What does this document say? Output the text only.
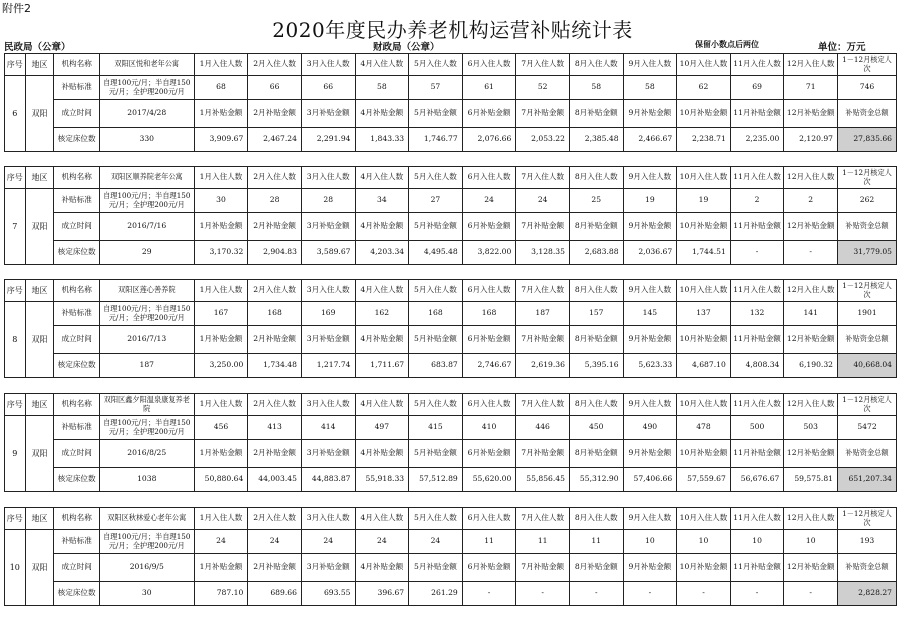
附件2
2020年度民办养老机构运营补贴统计表
民政局（公章）	财政局（公章）	保留小数点后两位	单位：万元
序号	地区	机构名称	双阳区悦和老年公寓	1月入住人数	2月入住人数	3月入住人数	4月入住人数	5月入住人数	6月入住人数	7月入住人数	8月入住人数	9月入住人数	10月入住人数	11月入住人数	12月入住人数	1－12月核定人次
6	双阳	补贴标准	自理100元/月；半自理150元/月；全护理200元/月	68	66	66	58	57	61	52	58	58	62	69	71	746
		成立时间	2017/4/28	1月补贴金额	2月补贴金额	3月补贴金额	4月补贴金额	5月补贴金额	6月补贴金额	7月补贴金额	8月补贴金额	9月补贴金额	10月补贴金额	11月补贴金额	12月补贴金额	补贴资金总额
		核定床位数	330	3,909.67	2,467.24	2,291.94	1,843.33	1,746.77	2,076.66	2,053.22	2,385.48	2,466.67	2,238.71	2,235.00	2,120.97	27,835.66
序号	地区	机构名称	双阳区顺养院老年公寓	1月入住人数	2月入住人数	3月入住人数	4月入住人数	5月入住人数	6月入住人数	7月入住人数	8月入住人数	9月入住人数	10月入住人数	11月入住人数	12月入住人数	1－12月核定人次
7	双阳	补贴标准	自理100元/月；半自理150元/月；全护理200元/月	30	28	28	34	27	24	24	25	19	19	2	2	262
		成立时间	2016/7/16	1月补贴金额	2月补贴金额	3月补贴金额	4月补贴金额	5月补贴金额	6月补贴金额	7月补贴金额	8月补贴金额	9月补贴金额	10月补贴金额	11月补贴金额	12月补贴金额	补贴资金总额
		核定床位数	29	3,170.32	2,904.83	3,589.67	4,203.34	4,495.48	3,822.00	3,128.35	2,683.88	2,036.67	1,744.51	-	-	31,779.05
序号	地区	机构名称	双阳区莲心善养院	1月入住人数	2月入住人数	3月入住人数	4月入住人数	5月入住人数	6月入住人数	7月入住人数	8月入住人数	9月入住人数	10月入住人数	11月入住人数	12月入住人数	1－12月核定人次
8	双阳	补贴标准	自理100元/月；半自理150元/月；全护理200元/月	167	168	169	162	168	168	187	157	145	137	132	141	1901
		成立时间	2016/7/13	1月补贴金额	2月补贴金额	3月补贴金额	4月补贴金额	5月补贴金额	6月补贴金额	7月补贴金额	8月补贴金额	9月补贴金额	10月补贴金额	11月补贴金额	12月补贴金额	补贴资金总额
		核定床位数	187	3,250.00	1,734.48	1,217.74	1,711.67	683.87	2,746.67	2,619.36	5,395.16	5,623.33	4,687.10	4,808.34	6,190.32	40,668.04
序号	地区	机构名称	双阳区鑫夕阳温泉康复养老院	1月入住人数	2月入住人数	3月入住人数	4月入住人数	5月入住人数	6月入住人数	7月入住人数	8月入住人数	9月入住人数	10月入住人数	11月入住人数	12月入住人数	1－12月核定人次
9	双阳	补贴标准	自理100元/月；半自理150元/月；全护理200元/月	456	413	414	497	415	410	446	450	490	478	500	503	5472
		成立时间	2016/8/25	1月补贴金额	2月补贴金额	3月补贴金额	4月补贴金额	5月补贴金额	6月补贴金额	7月补贴金额	8月补贴金额	9月补贴金额	10月补贴金额	11月补贴金额	12月补贴金额	补贴资金总额
		核定床位数	1038	50,880.64	44,003.45	44,883.87	55,918.33	57,512.89	55,620.00	55,856.45	55,312.90	57,406.66	57,559.67	56,676.67	59,575.81	651,207.34
序号	地区	机构名称	双阳区秋林爱心老年公寓	1月入住人数	2月入住人数	3月入住人数	4月入住人数	5月入住人数	6月入住人数	7月入住人数	8月入住人数	9月入住人数	10月入住人数	11月入住人数	12月入住人数	1－12月核定人次
10	双阳	补贴标准	自理100元/月；半自理150元/月；全护理200元/月	24	24	24	24	24	11	11	11	10	10	10	10	193
		成立时间	2016/9/5	1月补贴金额	2月补贴金额	3月补贴金额	4月补贴金额	5月补贴金额	6月补贴金额	7月补贴金额	8月补贴金额	9月补贴金额	10月补贴金额	11月补贴金额	12月补贴金额	补贴资金总额
		核定床位数	30	787.10	689.66	693.55	396.67	261.29	-	-	-	-	-	-	-	2,828.27
